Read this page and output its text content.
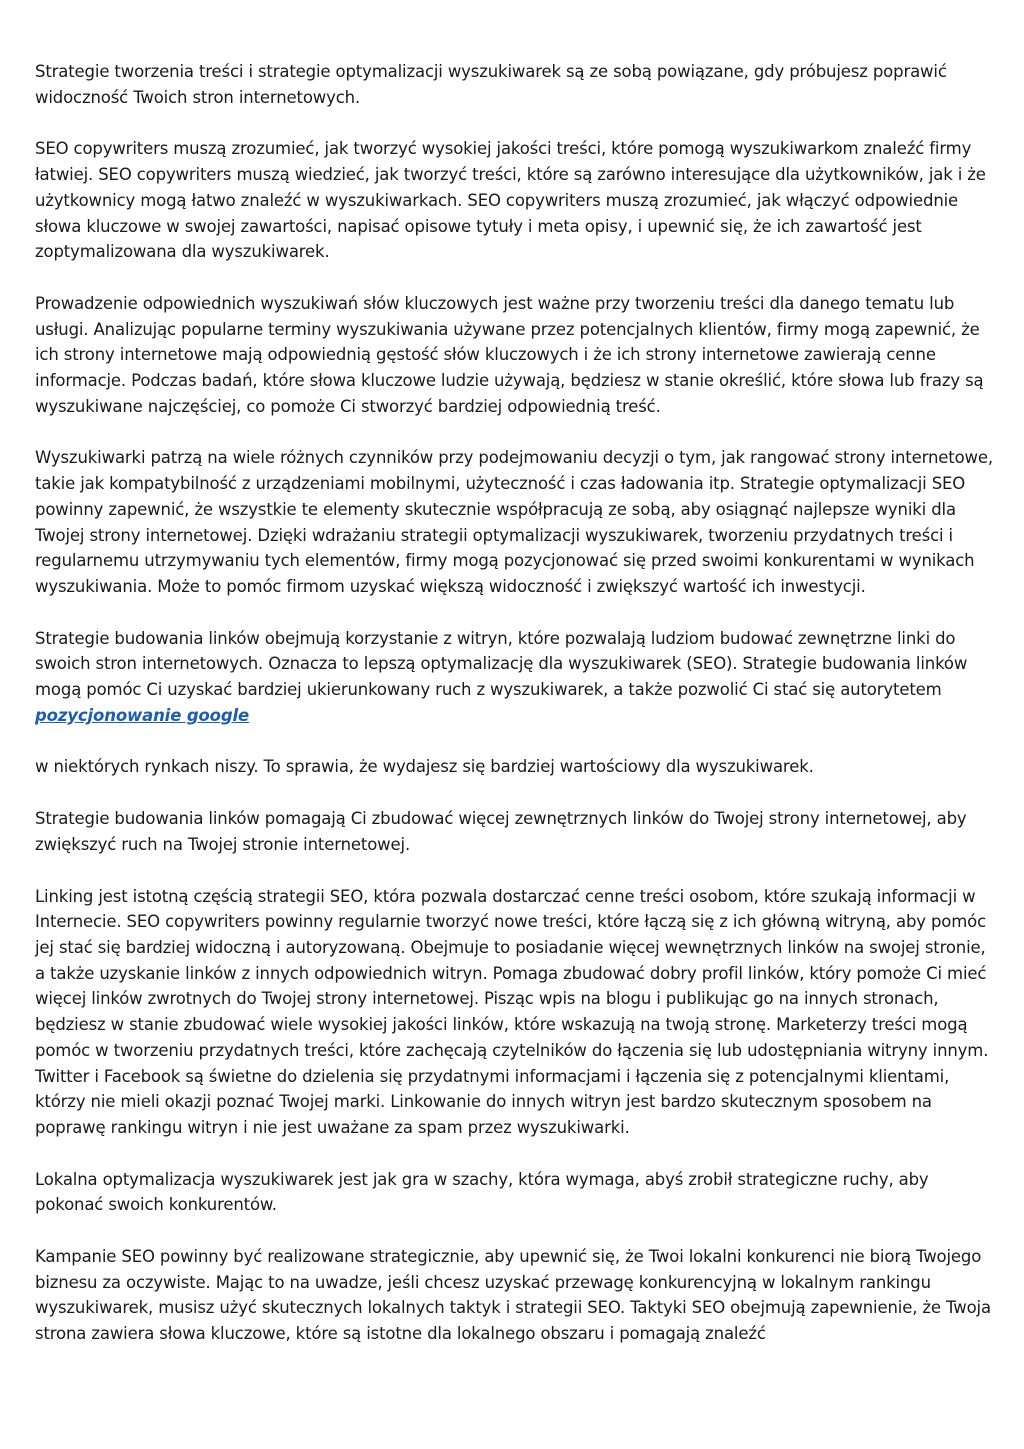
Strategie tworzenia treści i strategie optymalizacji wyszukiwarek są ze sobą powiązane, gdy próbujesz poprawić widoczność Twoich stron internetowych.

SEO copywriters muszą zrozumieć, jak tworzyć wysokiej jakości treści, które pomogą wyszukiwarkom znaleźć firmy łatwiej. SEO copywriters muszą wiedzieć, jak tworzyć treści, które są zarówno interesujące dla użytkowników, jak i że użytkownicy mogą łatwo znaleźć w wyszukiwarkach. SEO copywriters muszą zrozumieć, jak włączyć odpowiednie słowa kluczowe w swojej zawartości, napisać opisowe tytuły i meta opisy, i upewnić się, że ich zawartość jest zoptymalizowana dla wyszukiwarek.

Prowadzenie odpowiednich wyszukiwań słów kluczowych jest ważne przy tworzeniu treści dla danego tematu lub usługi. Analizując popularne terminy wyszukiwania używane przez potencjalnych klientów, firmy mogą zapewnić, że ich strony internetowe mają odpowiednią gęstość słów kluczowych i że ich strony internetowe zawierają cenne informacje. Podczas badań, które słowa kluczowe ludzie używają, będziesz w stanie określić, które słowa lub frazy są wyszukiwane najczęściej, co pomoże Ci stworzyć bardziej odpowiednią treść.

Wyszukiwarki patrzą na wiele różnych czynników przy podejmowaniu decyzji o tym, jak rangować strony internetowe, takie jak kompatybilność z urządzeniami mobilnymi, użyteczność i czas ładowania itp. Strategie optymalizacji SEO powinny zapewnić, że wszystkie te elementy skutecznie współpracują ze sobą, aby osiągnąć najlepsze wyniki dla Twojej strony internetowej. Dzięki wdrażaniu strategii optymalizacji wyszukiwarek, tworzeniu przydatnych treści i regularnemu utrzymywaniu tych elementów, firmy mogą pozycjonować się przed swoimi konkurentami w wynikach wyszukiwania. Może to pomóc firmom uzyskać większą widoczność i zwiększyć wartość ich inwestycji.

Strategie budowania linków obejmują korzystanie z witryn, które pozwalają ludziom budować zewnętrzne linki do swoich stron internetowych. Oznacza to lepszą optymalizację dla wyszukiwarek (SEO). Strategie budowania linków mogą pomóc Ci uzyskać bardziej ukierunkowany ruch z wyszukiwarek, a także pozwolić Ci stać się autorytetem
pozycjonowanie google

w niektórych rynkach niszy. To sprawia, że wydajesz się bardziej wartościowy dla wyszukiwarek.

Strategie budowania linków pomagają Ci zbudować więcej zewnętrznych linków do Twojej strony internetowej, aby zwiększyć ruch na Twojej stronie internetowej.

Linking jest istotną częścią strategii SEO, która pozwala dostarczać cenne treści osobom, które szukają informacji w Internecie. SEO copywriters powinny regularnie tworzyć nowe treści, które łączą się z ich główną witryną, aby pomóc jej stać się bardziej widoczną i autoryzowaną. Obejmuje to posiadanie więcej wewnętrznych linków na swojej stronie, a także uzyskanie linków z innych odpowiednich witryn. Pomaga zbudować dobry profil linków, który pomoże Ci mieć więcej linków zwrotnych do Twojej strony internetowej. Pisząc wpis na blogu i publikując go na innych stronach, będziesz w stanie zbudować wiele wysokiej jakości linków, które wskazują na twoją stronę. Marketerzy treści mogą pomóc w tworzeniu przydatnych treści, które zachęcają czytelników do łączenia się lub udostępniania witryny innym. Twitter i Facebook są świetne do dzielenia się przydatnymi informacjami i łączenia się z potencjalnymi klientami, którzy nie mieli okazji poznać Twojej marki. Linkowanie do innych witryn jest bardzo skutecznym sposobem na poprawę rankingu witryn i nie jest uważane za spam przez wyszukiwarki.

Lokalna optymalizacja wyszukiwarek jest jak gra w szachy, która wymaga, abyś zrobił strategiczne ruchy, aby pokonać swoich konkurentów.

Kampanie SEO powinny być realizowane strategicznie, aby upewnić się, że Twoi lokalni konkurenci nie biorą Twojego biznesu za oczywiste. Mając to na uwadze, jeśli chcesz uzyskać przewagę konkurencyjną w lokalnym rankingu wyszukiwarek, musisz użyć skutecznych lokalnych taktyk i strategii SEO. Taktyki SEO obejmują zapewnienie, że Twoja strona zawiera słowa kluczowe, które są istotne dla lokalnego obszaru i pomagają znaleźć
